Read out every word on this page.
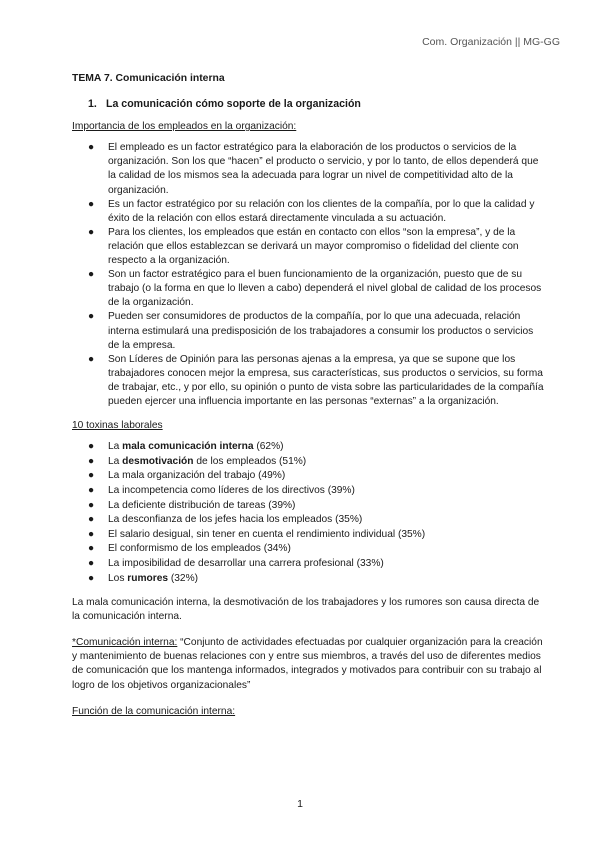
Com. Organización || MG-GG
TEMA 7. Comunicación interna
1. La comunicación cómo soporte de la organización
Importancia de los empleados en la organización:
● El empleado es un factor estratégico para la elaboración de los productos o servicios de la organización. Son los que “hacen” el producto o servicio, y por lo tanto, de ellos dependerá que la calidad de los mismos sea la adecuada para lograr un nivel de competitividad alto de la organización.
● Es un factor estratégico por su relación con los clientes de la compañía, por lo que la calidad y éxito de la relación con ellos estará directamente vinculada a su actuación.
● Para los clientes, los empleados que están en contacto con ellos “son la empresa”, y de la relación que ellos establezcan se derivará un mayor compromiso o fidelidad del cliente con respecto a la organización.
● Son un factor estratégico para el buen funcionamiento de la organización, puesto que de su trabajo (o la forma en que lo lleven a cabo) dependerá el nivel global de calidad de los procesos de la organización.
● Pueden ser consumidores de productos de la compañía, por lo que una adecuada, relación interna estimulará una predisposición de los trabajadores a consumir los productos o servicios de la empresa.
● Son Líderes de Opinión para las personas ajenas a la empresa, ya que se supone que los trabajadores conocen mejor la empresa, sus características, sus productos o servicios, su forma de trabajar, etc., y por ello, su opinión o punto de vista sobre las particularidades de la compañía pueden ejercer una influencia importante en las personas “externas” a la organización.
10 toxinas laborales
● La mala comunicación interna (62%)
● La desmotivación de los empleados (51%)
● La mala organización del trabajo (49%)
● La incompetencia como líderes de los directivos (39%)
● La deficiente distribución de tareas (39%)
● La desconfianza de los jefes hacia los empleados (35%)
● El salario desigual, sin tener en cuenta el rendimiento individual (35%)
● El conformismo de los empleados (34%)
● La imposibilidad de desarrollar una carrera profesional (33%)
● Los rumores (32%)
La mala comunicación interna, la desmotivación de los trabajadores y los rumores son causa directa de la comunicación interna.
*Comunicación interna: “Conjunto de actividades efectuadas por cualquier organización para la creación y mantenimiento de buenas relaciones con y entre sus miembros, a través del uso de diferentes medios de comunicación que los mantenga informados, integrados y motivados para contribuir con su trabajo al logro de los objetivos organizacionales”
Función de la comunicación interna:
1
